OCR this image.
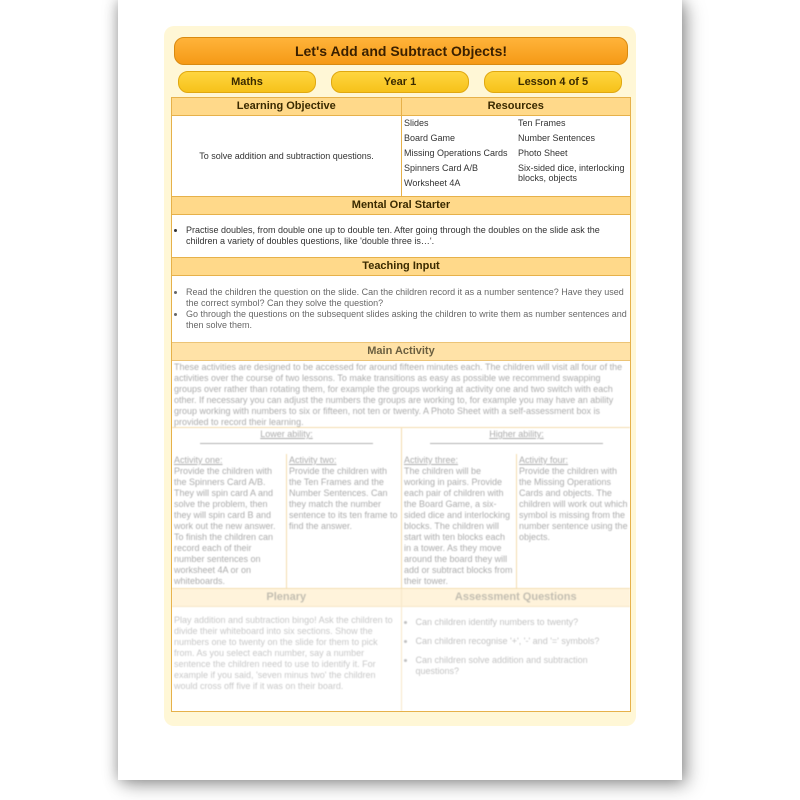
Let's Add and Subtract Objects!
Maths	Year 1	Lesson 4 of 5
Learning Objective	Resources
To solve addition and subtraction questions.
Slides
Board Game
Missing Operations Cards
Spinners Card A/B
Worksheet 4A
Ten Frames
Number Sentences
Photo Sheet
Six-sided dice, interlocking blocks, objects
Mental Oral Starter
• Practise doubles, from double one up to double ten. After going through the doubles on the slide ask the children a variety of doubles questions, like 'double three is…'.
Teaching Input
• Read the children the question on the slide. Can the children record it as a number sentence? Have they used the correct symbol? Can they solve the question?
• Go through the questions on the subsequent slides asking the children to write them as number sentences and then solve them.
Main Activity
These activities are designed to be accessed for around fifteen minutes each. The children will visit all four of the activities over the course of two lessons. To make transitions as easy as possible we recommend swapping groups over rather than rotating them, for example the groups working at activity one and two switch with each other. If necessary you can adjust the numbers the groups are working to, for example you may have an ability group working with numbers to six or fifteen, not ten or twenty. A Photo Sheet with a self-assessment box is provided to record their learning.
Lower ability:
Activity one:
Provide the children with the Spinners Card A/B. They will spin card A and solve the problem, then they will spin card B and work out the new answer. To finish the children can record each of their number sentences on worksheet 4A or on whiteboards.
Activity two:
Provide the children with the Ten Frames and the Number Sentences. Can they match the number sentence to its ten frame to find the answer.
Higher ability:
Activity three:
The children will be working in pairs. Provide each pair of children with the Board Game, a six-sided dice and interlocking blocks. The children will start with ten blocks each in a tower. As they move around the board they will add or subtract blocks from their tower.
Activity four:
Provide the children with the Missing Operations Cards and objects. The children will work out which symbol is missing from the number sentence using the objects.
Plenary	Assessment Questions
Play addition and subtraction bingo! Ask the children to divide their whiteboard into six sections. Show the numbers one to twenty on the slide for them to pick from. As you select each number, say a number sentence the children need to use to identify it. For example if you said, 'seven minus two' the children would cross off five if it was on their board.
• Can children identify numbers to twenty?
• Can children recognise '+', '-' and '=' symbols?
• Can children solve addition and subtraction questions?
